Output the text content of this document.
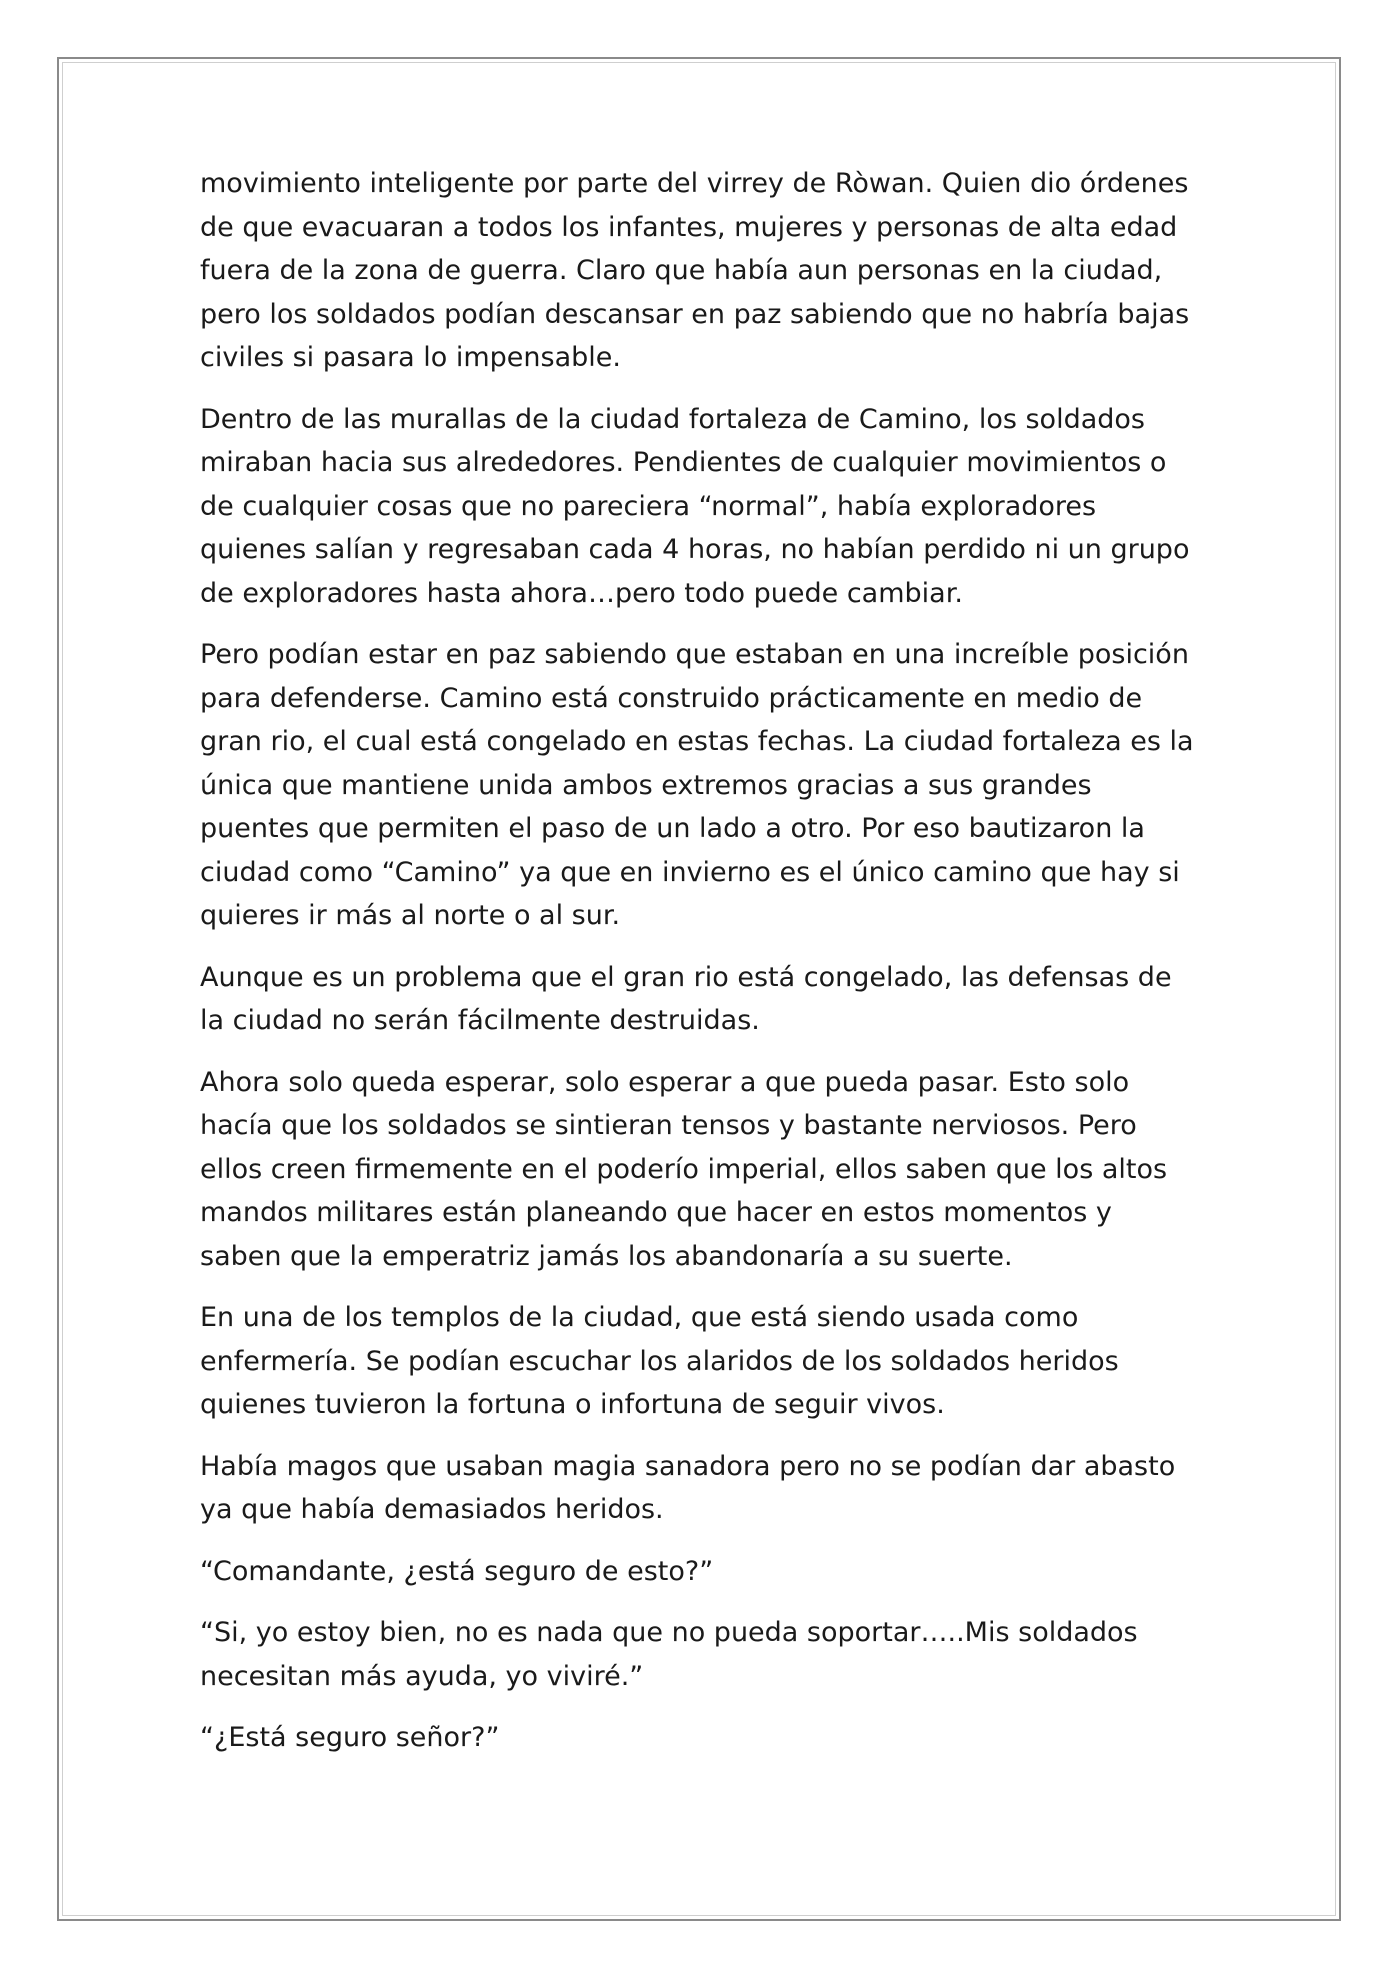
movimiento inteligente por parte del virrey de Ròwan. Quien dio órdenes de que evacuaran a todos los infantes, mujeres y personas de alta edad fuera de la zona de guerra. Claro que había aun personas en la ciudad, pero los soldados podían descansar en paz sabiendo que no habría bajas civiles si pasara lo impensable.

Dentro de las murallas de la ciudad fortaleza de Camino, los soldados miraban hacia sus alrededores. Pendientes de cualquier movimientos o de cualquier cosas que no pareciera “normal”, había exploradores quienes salían y regresaban cada 4 horas, no habían perdido ni un grupo de exploradores hasta ahora…pero todo puede cambiar.

Pero podían estar en paz sabiendo que estaban en una increíble posición para defenderse. Camino está construido prácticamente en medio de gran rio, el cual está congelado en estas fechas. La ciudad fortaleza es la única que mantiene unida ambos extremos gracias a sus grandes puentes que permiten el paso de un lado a otro. Por eso bautizaron la ciudad como “Camino” ya que en invierno es el único camino que hay si quieres ir más al norte o al sur.

Aunque es un problema que el gran rio está congelado, las defensas de la ciudad no serán fácilmente destruidas.

Ahora solo queda esperar, solo esperar a que pueda pasar. Esto solo hacía que los soldados se sintieran tensos y bastante nerviosos. Pero ellos creen firmemente en el poderío imperial, ellos saben que los altos mandos militares están planeando que hacer en estos momentos y saben que la emperatriz jamás los abandonaría a su suerte.

En una de los templos de la ciudad, que está siendo usada como enfermería. Se podían escuchar los alaridos de los soldados heridos quienes tuvieron la fortuna o infortuna de seguir vivos.

Había magos que usaban magia sanadora pero no se podían dar abasto ya que había demasiados heridos.

“Comandante, ¿está seguro de esto?”

“Si, yo estoy bien, no es nada que no pueda soportar…..Mis soldados necesitan más ayuda, yo viviré.”

“¿Está seguro señor?”
